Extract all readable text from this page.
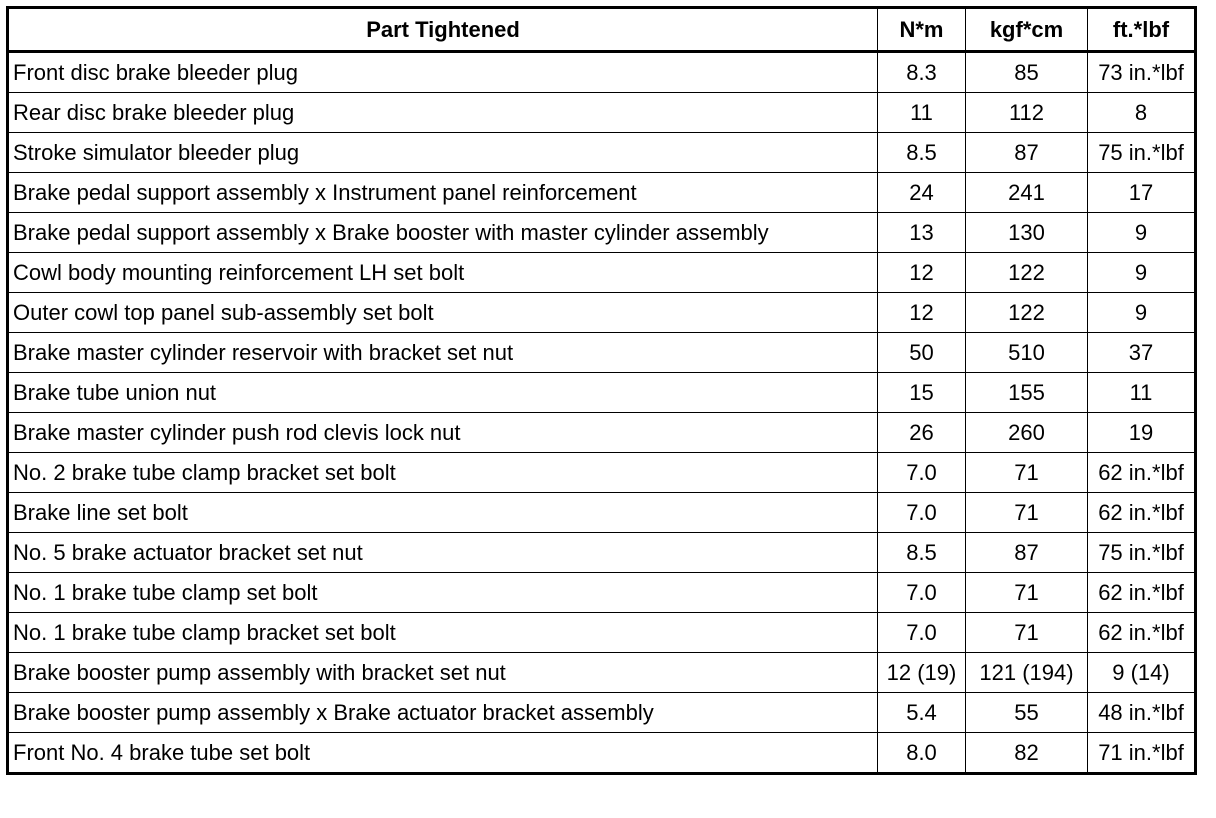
Part Tightened	N*m	kgf*cm	ft.*lbf
Front disc brake bleeder plug	8.3	85	73 in.*lbf
Rear disc brake bleeder plug	11	112	8
Stroke simulator bleeder plug	8.5	87	75 in.*lbf
Brake pedal support assembly x Instrument panel reinforcement	24	241	17
Brake pedal support assembly x Brake booster with master cylinder assembly	13	130	9
Cowl body mounting reinforcement LH set bolt	12	122	9
Outer cowl top panel sub-assembly set bolt	12	122	9
Brake master cylinder reservoir with bracket set nut	50	510	37
Brake tube union nut	15	155	11
Brake master cylinder push rod clevis lock nut	26	260	19
No. 2 brake tube clamp bracket set bolt	7.0	71	62 in.*lbf
Brake line set bolt	7.0	71	62 in.*lbf
No. 5 brake actuator bracket set nut	8.5	87	75 in.*lbf
No. 1 brake tube clamp set bolt	7.0	71	62 in.*lbf
No. 1 brake tube clamp bracket set bolt	7.0	71	62 in.*lbf
Brake booster pump assembly with bracket set nut	12 (19)	121 (194)	9 (14)
Brake booster pump assembly x Brake actuator bracket assembly	5.4	55	48 in.*lbf
Front No. 4 brake tube set bolt	8.0	82	71 in.*lbf
